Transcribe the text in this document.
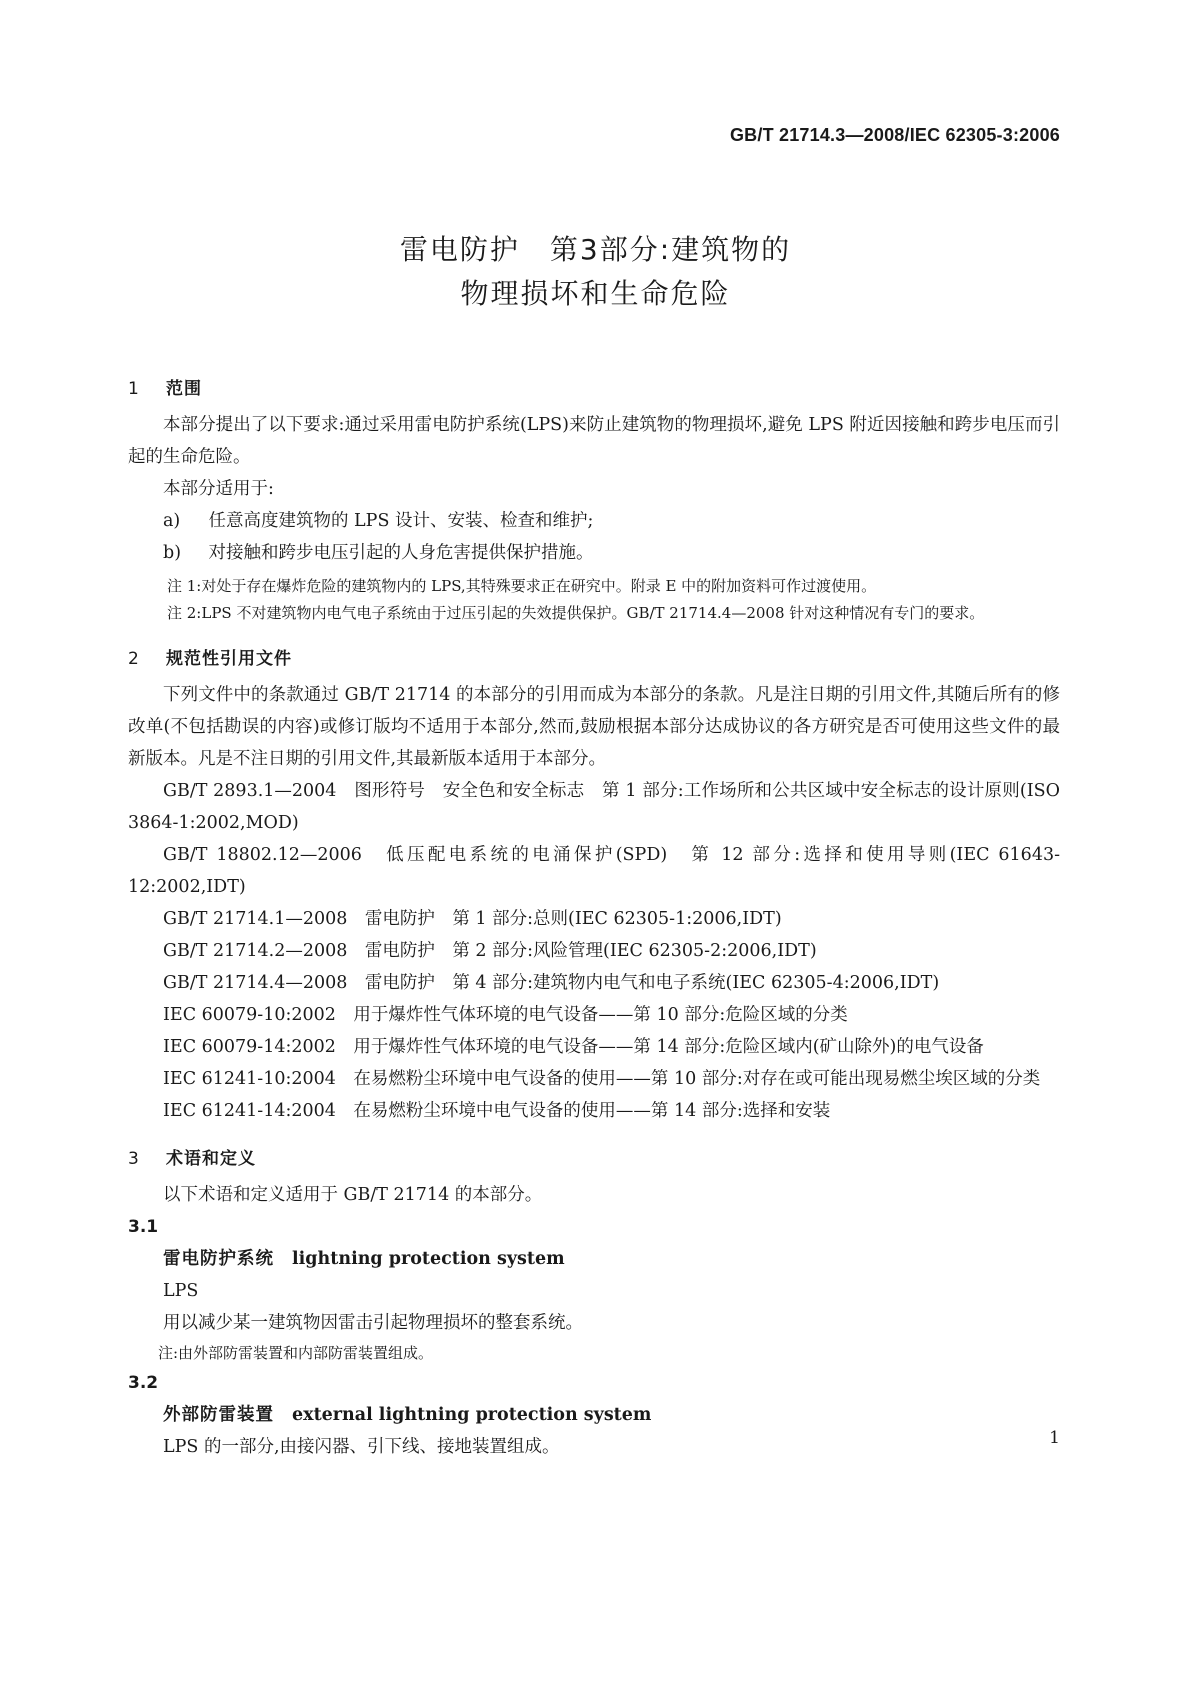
GB/T 21714.3—2008/IEC 62305-3:2006
雷电防护　第3部分:建筑物的
物理损坏和生命危险
1 范围

本部分提出了以下要求:通过采用雷电防护系统(LPS)来防止建筑物的物理损坏,避免 LPS 附近因接触和跨步电压而引起的生命危险。

本部分适用于:

a) 任意高度建筑物的 LPS 设计、安装、检查和维护;
b) 对接触和跨步电压引起的人身危害提供保护措施。

注 1:对处于存在爆炸危险的建筑物内的 LPS,其特殊要求正在研究中。附录 E 中的附加资料可作过渡使用。

注 2:LPS 不对建筑物内电气电子系统由于过压引起的失效提供保护。GB/T 21714.4—2008 针对这种情况有专门的要求。

2 规范性引用文件

下列文件中的条款通过 GB/T 21714 的本部分的引用而成为本部分的条款。凡是注日期的引用文件,其随后所有的修改单(不包括勘误的内容)或修订版均不适用于本部分,然而,鼓励根据本部分达成协议的各方研究是否可使用这些文件的最新版本。凡是不注日期的引用文件,其最新版本适用于本部分。

GB/T 2893.1—2004　图形符号　安全色和安全标志　第 1 部分:工作场所和公共区域中安全标志的设计原则(ISO 3864-1:2002,MOD)

GB/T 18802.12—2006　低压配电系统的电涌保护(SPD)　第 12 部分:选择和使用导则(IEC 61643-12:2002,IDT)

GB/T 21714.1—2008　雷电防护　第 1 部分:总则(IEC 62305-1:2006,IDT)

GB/T 21714.2—2008　雷电防护　第 2 部分:风险管理(IEC 62305-2:2006,IDT)

GB/T 21714.4—2008　雷电防护　第 4 部分:建筑物内电气和电子系统(IEC 62305-4:2006,IDT)

IEC 60079-10:2002　用于爆炸性气体环境的电气设备——第 10 部分:危险区域的分类

IEC 60079-14:2002　用于爆炸性气体环境的电气设备——第 14 部分:危险区域内(矿山除外)的电气设备

IEC 61241-10:2004　在易燃粉尘环境中电气设备的使用——第 10 部分:对存在或可能出现易燃尘埃区域的分类

IEC 61241-14:2004　在易燃粉尘环境中电气设备的使用——第 14 部分:选择和安装

3 术语和定义

以下术语和定义适用于 GB/T 21714 的本部分。

3.1
雷电防护系统 lightning protection system
LPS
用以减少某一建筑物因雷击引起物理损坏的整套系统。
注:由外部防雷装置和内部防雷装置组成。
3.2
外部防雷装置 external lightning protection system
LPS 的一部分,由接闪器、引下线、接地装置组成。	1
